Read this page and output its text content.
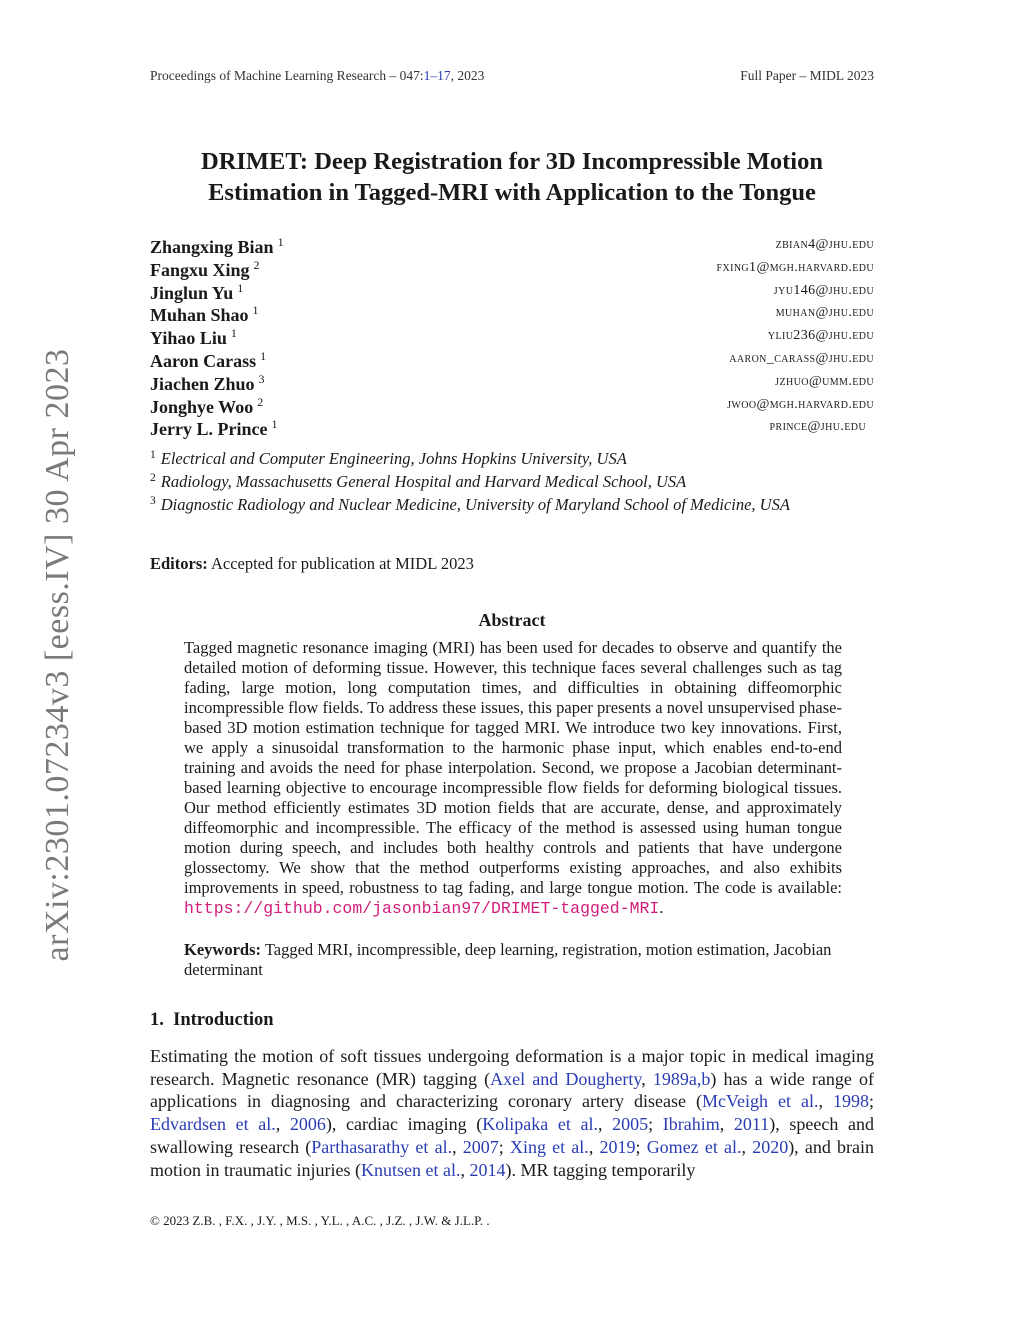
Proceedings of Machine Learning Research – 047:1–17, 2023	Full Paper – MIDL 2023
arXiv:2301.07234v3 [eess.IV] 30 Apr 2023
DRIMET: Deep Registration for 3D Incompressible Motion
Estimation in Tagged-MRI with Application to the Tongue
Zhangxing Bian $^1$	zbian4@jhu.edu
Fangxu Xing $^2$	fxing1@mgh.harvard.edu
Jinglun Yu $^1$	jyu146@jhu.edu
Muhan Shao $^1$	muhan@jhu.edu
Yihao Liu $^1$	yliu236@jhu.edu
Aaron Carass $^1$	aaron_carass@jhu.edu
Jiachen Zhuo $^3$	jzhuo@umm.edu
Jonghye Woo $^2$	jwoo@mgh.harvard.edu
Jerry L. Prince $^1$	prince@jhu.edu
$^1$ Electrical and Computer Engineering, Johns Hopkins University, USA
$^2$ Radiology, Massachusetts General Hospital and Harvard Medical School, USA
$^3$ Diagnostic Radiology and Nuclear Medicine, University of Maryland School of Medicine, USA
Editors: Accepted for publication at MIDL 2023
Abstract
Tagged magnetic resonance imaging (MRI) has been used for decades to observe and quantify the detailed motion of deforming tissue. However, this technique faces several challenges such as tag fading, large motion, long computation times, and difficulties in obtaining diffeomorphic incompressible flow fields. To address these issues, this paper presents a novel unsupervised phase-based 3D motion estimation technique for tagged MRI. We introduce two key innovations. First, we apply a sinusoidal transformation to the harmonic phase input, which enables end-to-end training and avoids the need for phase interpolation. Second, we propose a Jacobian determinant-based learning objective to encourage incompressible flow fields for deforming biological tissues. Our method efficiently estimates 3D motion fields that are accurate, dense, and approximately diffeomorphic and incompressible. The efficacy of the method is assessed using human tongue motion during speech, and includes both healthy controls and patients that have undergone glossectomy. We show that the method outperforms existing approaches, and also exhibits improvements in speed, robustness to tag fading, and large tongue motion. The code is available: https://github.com/jasonbian97/DRIMET-tagged-MRI.
Keywords: Tagged MRI, incompressible, deep learning, registration, motion estimation, Jacobian determinant
1. Introduction
Estimating the motion of soft tissues undergoing deformation is a major topic in medical imaging research. Magnetic resonance (MR) tagging (Axel and Dougherty, 1989a,b) has a wide range of applications in diagnosing and characterizing coronary artery disease (McVeigh et al., 1998; Edvardsen et al., 2006), cardiac imaging (Kolipaka et al., 2005; Ibrahim, 2011), speech and swallowing research (Parthasarathy et al., 2007; Xing et al., 2019; Gomez et al., 2020), and brain motion in traumatic injuries (Knutsen et al., 2014). MR tagging temporarily
© 2023 Z.B. , F.X. , J.Y. , M.S. , Y.L. , A.C. , J.Z. , J.W. & J.L.P. .
